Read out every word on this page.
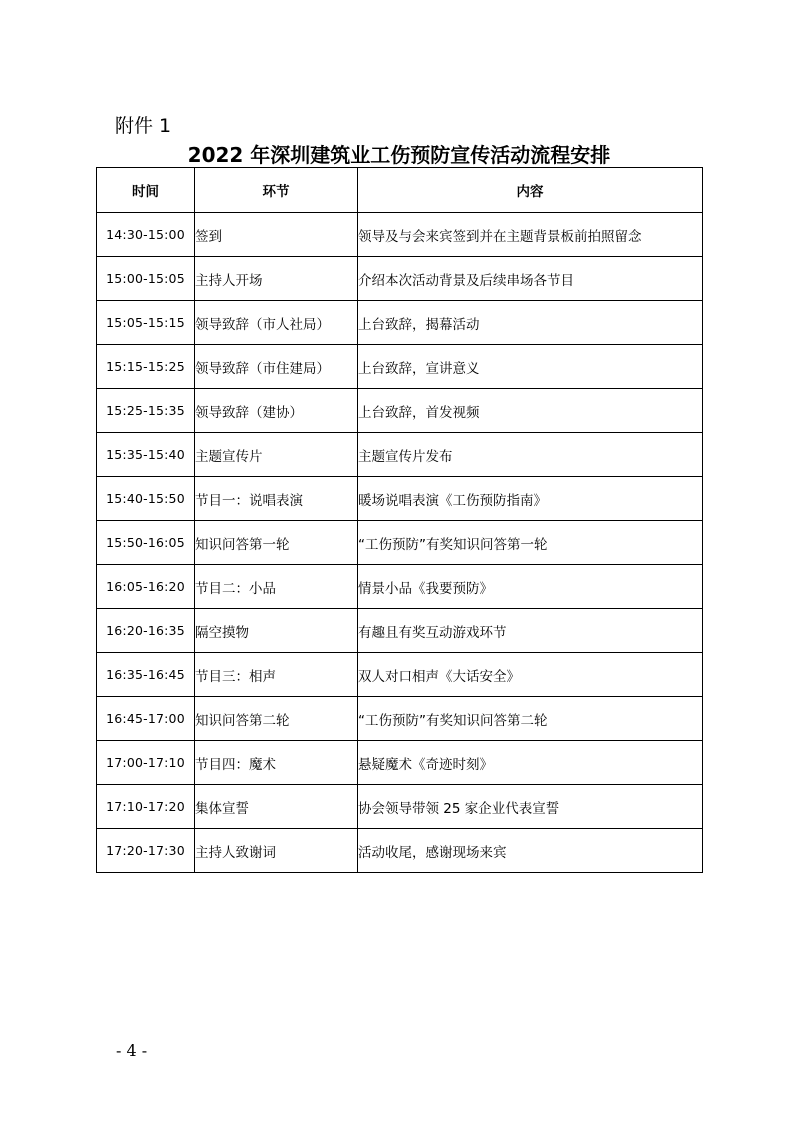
附件 1
2022 年深圳建筑业工伤预防宣传活动流程安排
时间	环节	内容
14:30-15:00	签到	领导及与会来宾签到并在主题背景板前拍照留念
15:00-15:05	主持人开场	介绍本次活动背景及后续串场各节目
15:05-15:15	领导致辞（市人社局）	上台致辞，揭幕活动
15:15-15:25	领导致辞（市住建局）	上台致辞，宣讲意义
15:25-15:35	领导致辞（建协）	上台致辞，首发视频
15:35-15:40	主题宣传片	主题宣传片发布
15:40-15:50	节目一：说唱表演	暖场说唱表演《工伤预防指南》
15:50-16:05	知识问答第一轮	“工伤预防”有奖知识问答第一轮
16:05-16:20	节目二：小品	情景小品《我要预防》
16:20-16:35	隔空摸物	有趣且有奖互动游戏环节
16:35-16:45	节目三：相声	双人对口相声《大话安全》
16:45-17:00	知识问答第二轮	“工伤预防”有奖知识问答第二轮
17:00-17:10	节目四：魔术	悬疑魔术《奇迹时刻》
17:10-17:20	集体宣誓	协会领导带领 25 家企业代表宣誓
17:20-17:30	主持人致谢词	活动收尾，感谢现场来宾
- 4 -
